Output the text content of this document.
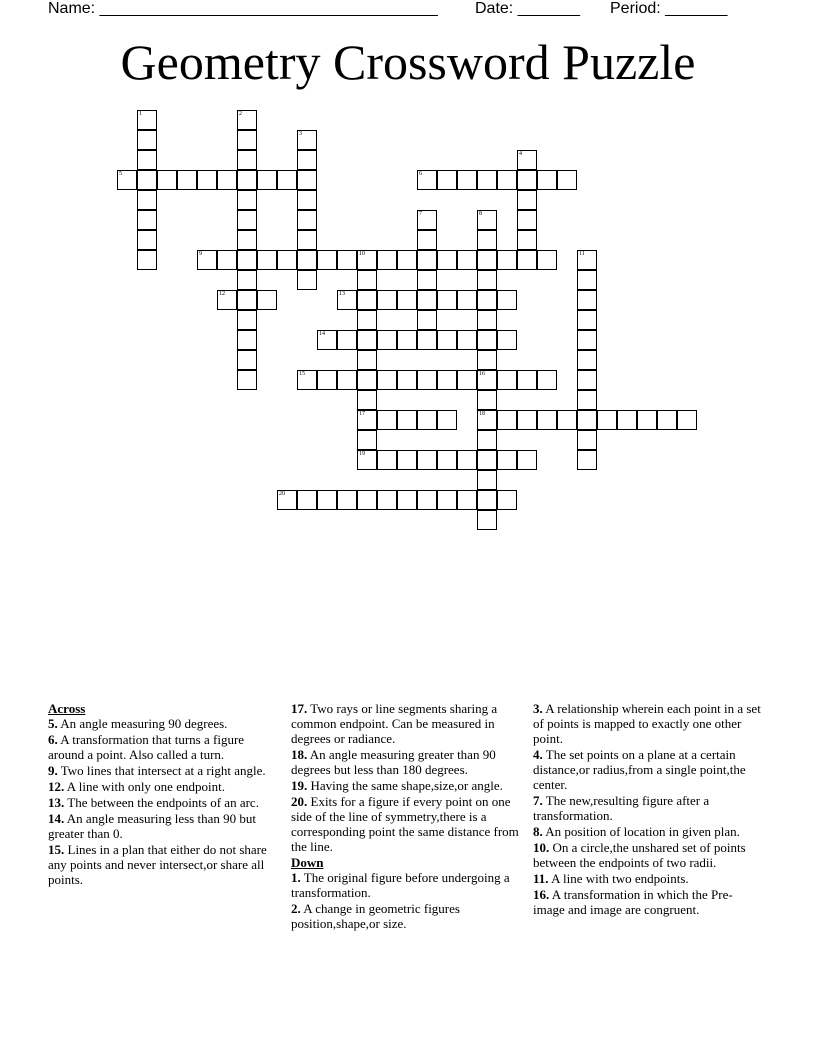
Name: ______________________________________ Date: _______ Period: _______
Geometry Crossword Puzzle
1	2
3
4
5	6
7	8
16
18
9	10
17
19
11
12	13
14
15
20
Across
5. An angle measuring 90 degrees.
6. A transformation that turns a figure around a point. Also called a turn.
9. Two lines that intersect at a right angle.
12. A line with only one endpoint.
13. The between the endpoints of an arc.
14. An angle measuring less than 90 but greater than 0.
15. Lines in a plan that either do not share any points and never intersect,or share all points.
17. Two rays or line segments sharing a common endpoint. Can be measured in degrees or radiance.
18. An angle measuring greater than 90 degrees but less than 180 degrees.
19. Having the same shape,size,or angle.
20. Exits for a figure if every point on one side of the line of symmetry,there is a corresponding point the same distance from the line.
Down
1. The original figure before undergoing a transformation.
2. A change in geometric figures position,shape,or size.
3. A relationship wherein each point in a set of points is mapped to exactly one other point.
4. The set points on a plane at a certain distance,or radius,from a single point,the center.
7. The new,resulting figure after a transformation.
8. An position of location in given plan.
10. On a circle,the unshared set of points between the endpoints of two radii.
11. A line with two endpoints.
16. A transformation in which the Pre-image and image are congruent.
